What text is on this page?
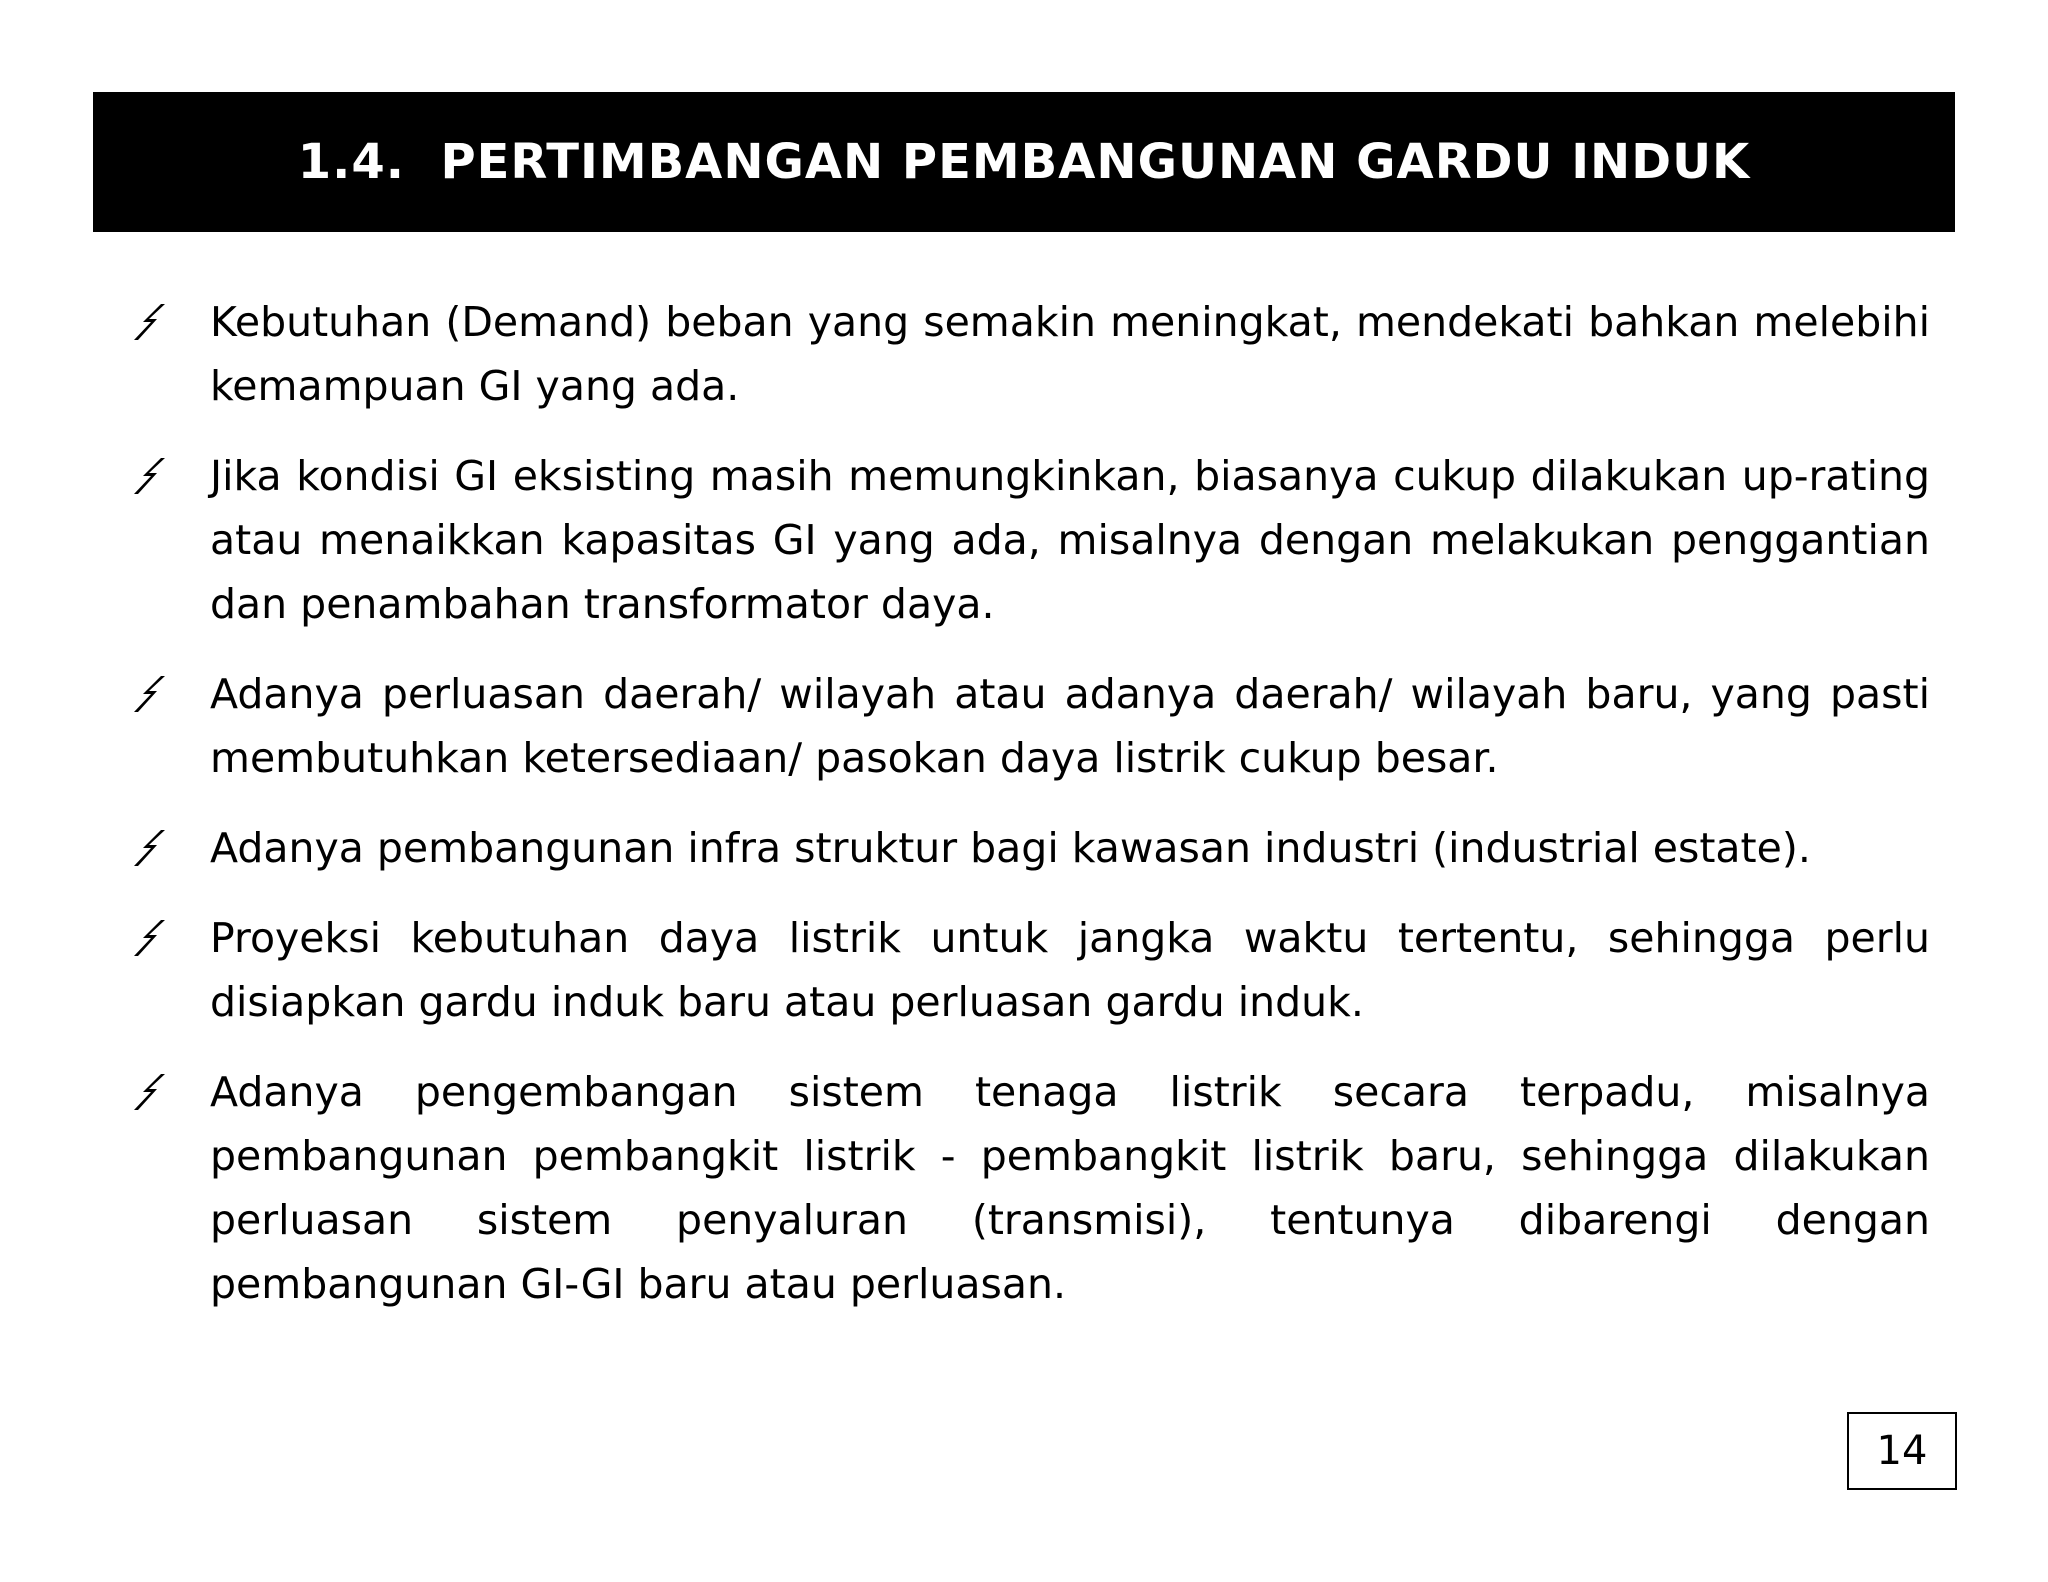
1.4.  PERTIMBANGAN PEMBANGUNAN GARDU INDUK
Kebutuhan (Demand) beban yang semakin meningkat, mendekati bahkan melebihi kemampuan GI yang ada.
Jika kondisi GI eksisting masih memungkinkan, biasanya cukup dilakukan up-rating atau menaikkan kapasitas GI yang ada, misalnya dengan melakukan penggantian dan penambahan transformator daya.
Adanya perluasan daerah/ wilayah atau adanya daerah/ wilayah baru, yang pasti membutuhkan ketersediaan/ pasokan daya listrik cukup besar.
Adanya pembangunan infra struktur bagi kawasan industri (industrial estate).
Proyeksi kebutuhan daya listrik untuk jangka waktu tertentu, sehingga perlu disiapkan gardu induk baru atau perluasan gardu induk.
Adanya pengembangan sistem tenaga listrik secara terpadu, misalnya pembangunan pembangkit listrik - pembangkit listrik baru, sehingga dilakukan perluasan sistem penyaluran (transmisi), tentunya dibarengi dengan pembangunan GI-GI baru atau perluasan.
14
